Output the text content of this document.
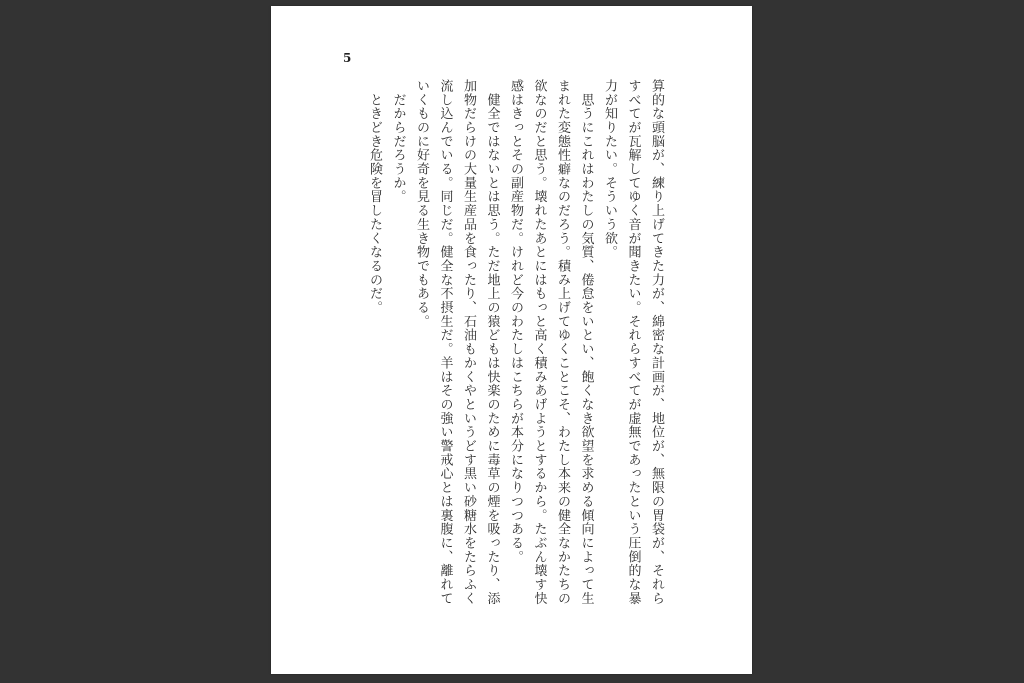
5

算的な頭脳が、練り上げてきた力が、綿密な計画が、地位が、無限の胃袋が、それらすべてが瓦解してゆく音が聞きたい。それらすべてが虚無であったという圧倒的な暴力が知りたい。そういう欲。

　思うにこれはわたしの気質、倦怠をいとい、飽くなき欲望を求める傾向によって生まれた変態性癖なのだろう。積み上げてゆくことこそ、わたし本来の健全なかたちの欲なのだと思う。壊れたあとにはもっと高く積みあげようとするから。たぶん壊す快感はきっとその副産物だ。けれど今のわたしはこちらが本分になりつつある。

　健全ではないとは思う。ただ地上の猿どもは快楽のために毒草の煙を吸ったり、添加物だらけの大量生産品を食ったり、石油もかくやというどす黒い砂糖水をたらふく流し込んでいる。同じだ。健全な不摂生だ。羊はその強い警戒心とは裏腹に、離れていくものに好奇を見る生き物でもある。

　だからだろうか。

　ときどき危険を冒したくなるのだ。
